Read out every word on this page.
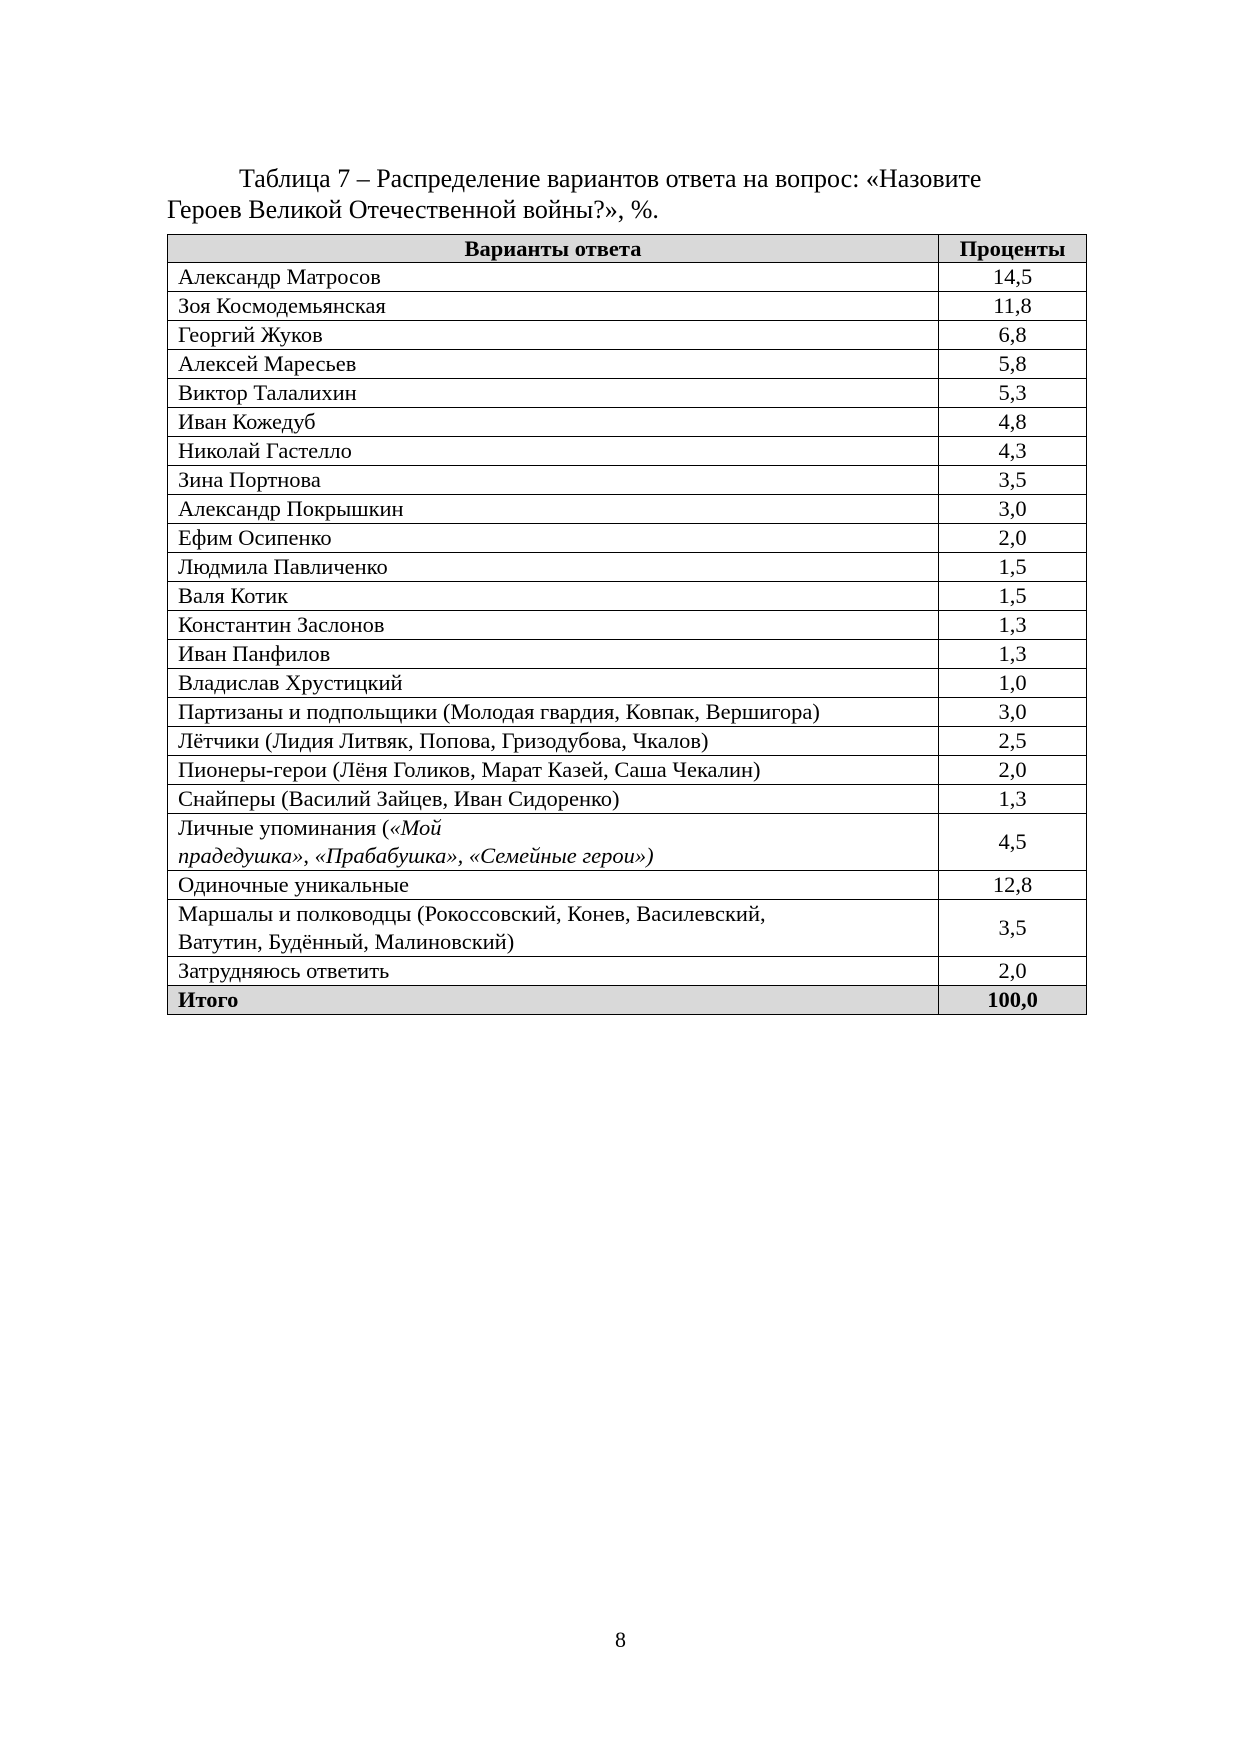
Таблица 7 – Распределение вариантов ответа на вопрос: «Назовите
Героев Великой Отечественной войны?», %.
Варианты ответа	Проценты
Александр Матросов	14,5
Зоя Космодемьянская	11,8
Георгий Жуков	6,8
Алексей Маресьев	5,8
Виктор Талалихин	5,3
Иван Кожедуб	4,8
Николай Гастелло	4,3
Зина Портнова	3,5
Александр Покрышкин	3,0
Ефим Осипенко	2,0
Людмила Павличенко	1,5
Валя Котик	1,5
Константин Заслонов	1,3
Иван Панфилов	1,3
Владислав Хрустицкий	1,0
Партизаны и подпольщики (Молодая гвардия, Ковпак, Вершигора)	3,0
Лётчики (Лидия Литвяк, Попова, Гризодубова, Чкалов)	2,5
Пионеры-герои (Лёня Голиков, Марат Казей, Саша Чекалин)	2,0
Снайперы (Василий Зайцев, Иван Сидоренко)	1,3
Личные упоминания («Мой
прадедушка», «Прабабушка», «Семейные герои»)	4,5
Одиночные уникальные	12,8
Маршалы и полководцы (Рокоссовский, Конев, Василевский,
Ватутин, Будённый, Малиновский)	3,5
Затрудняюсь ответить	2,0
Итого	100,0
8
